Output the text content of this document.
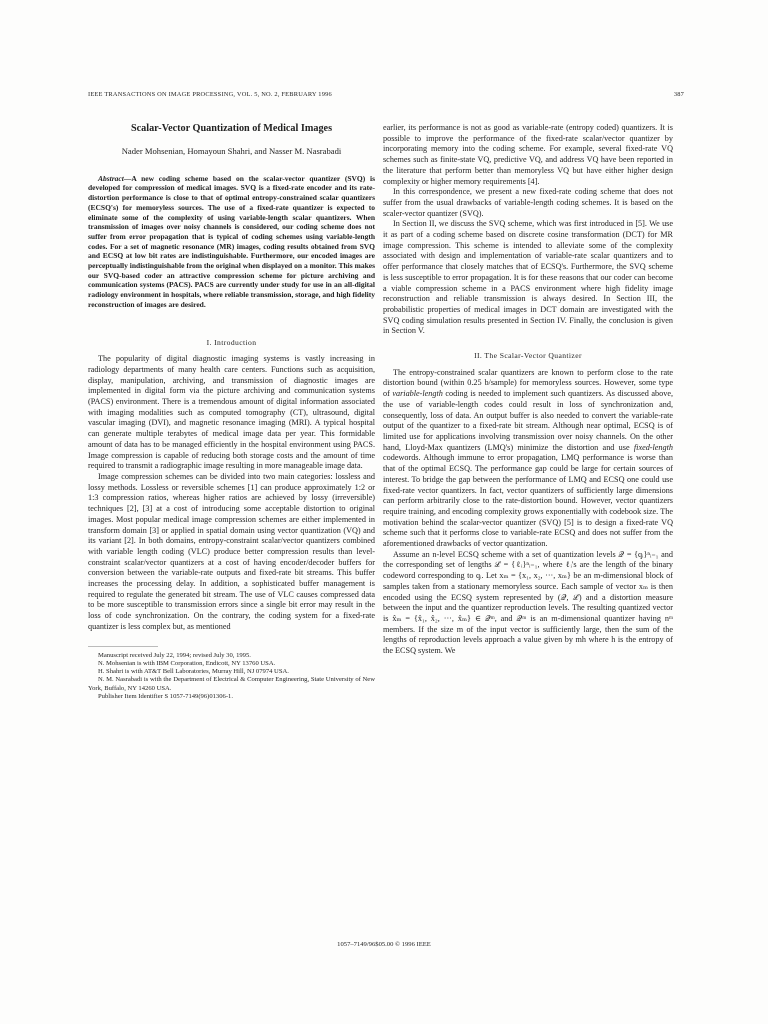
IEEE TRANSACTIONS ON IMAGE PROCESSING, VOL. 5, NO. 2, FEBRUARY 1996	387
Scalar-Vector Quantization of Medical Images
Nader Mohsenian, Homayoun Shahri, and Nasser M. Nasrabadi
Abstract—A new coding scheme based on the scalar-vector quantizer (SVQ) is developed for compression of medical images. SVQ is a fixed-rate encoder and its rate-distortion performance is close to that of optimal entropy-constrained scalar quantizers (ECSQ's) for memoryless sources. The use of a fixed-rate quantizer is expected to eliminate some of the complexity of using variable-length scalar quantizers. When transmission of images over noisy channels is considered, our coding scheme does not suffer from error propagation that is typical of coding schemes using variable-length codes. For a set of magnetic resonance (MR) images, coding results obtained from SVQ and ECSQ at low bit rates are indistinguishable. Furthermore, our encoded images are perceptually indistinguishable from the original when displayed on a monitor. This makes our SVQ-based coder an attractive compression scheme for picture archiving and communication systems (PACS). PACS are currently under study for use in an all-digital radiology environment in hospitals, where reliable transmission, storage, and high fidelity reconstruction of images are desired.
I. Introduction

The popularity of digital diagnostic imaging systems is vastly increasing in radiology departments of many health care centers. Functions such as acquisition, display, manipulation, archiving, and transmission of diagnostic images are implemented in digital form via the picture archiving and communication systems (PACS) environment. There is a tremendous amount of digital information associated with imaging modalities such as computed tomography (CT), ultrasound, digital vascular imaging (DVI), and magnetic resonance imaging (MRI). A typical hospital can generate multiple terabytes of medical image data per year. This formidable amount of data has to be managed efficiently in the hospital environment using PACS. Image compression is capable of reducing both storage costs and the amount of time required to transmit a radiographic image resulting in more manageable image data.

Image compression schemes can be divided into two main categories: lossless and lossy methods. Lossless or reversible schemes [1] can produce approximately 1:2 or 1:3 compression ratios, whereas higher ratios are achieved by lossy (irreversible) techniques [2], [3] at a cost of introducing some acceptable distortion to original images. Most popular medical image compression schemes are either implemented in transform domain [3] or applied in spatial domain using vector quantization (VQ) and its variant [2]. In both domains, entropy-constraint scalar/vector quantizers combined with variable length coding (VLC) produce better compression results than level-constraint scalar/vector quantizers at a cost of having encoder/decoder buffers for conversion between the variable-rate outputs and fixed-rate bit streams. This buffer increases the processing delay. In addition, a sophisticated buffer management is required to regulate the generated bit stream. The use of VLC causes compressed data to be more susceptible to transmission errors since a single bit error may result in the loss of code synchronization. On the contrary, the coding system for a fixed-rate quantizer is less complex but, as mentioned

Manuscript received July 22, 1994; revised July 30, 1995.
N. Mohsenian is with IBM Corporation, Endicott, NY 13760 USA.
H. Shahri is with AT&T Bell Laboratories, Murray Hill, NJ 07974 USA.
N. M. Nasrabadi is with the Department of Electrical & Computer Engineering, State University of New York, Buffalo, NY 14260 USA.
Publisher Item Identifier S 1057-7149(96)01306-1.

earlier, its performance is not as good as variable-rate (entropy coded) quantizers. It is possible to improve the performance of the fixed-rate scalar/vector quantizer by incorporating memory into the coding scheme. For example, several fixed-rate VQ schemes such as finite-state VQ, predictive VQ, and address VQ have been reported in the literature that perform better than memoryless VQ but have either higher design complexity or higher memory requirements [4].

In this correspondence, we present a new fixed-rate coding scheme that does not suffer from the usual drawbacks of variable-length coding schemes. It is based on the scaler-vector quantizer (SVQ).

In Section II, we discuss the SVQ scheme, which was first introduced in [5]. We use it as part of a coding scheme based on discrete cosine transformation (DCT) for MR image compression. This scheme is intended to alleviate some of the complexity associated with design and implementation of variable-rate scalar quantizers and to offer performance that closely matches that of ECSQ's. Furthermore, the SVQ scheme is less susceptible to error propagation. It is for these reasons that our coder can become a viable compression scheme in a PACS environment where high fidelity image reconstruction and reliable transmission is always desired. In Section III, the probabilistic properties of medical images in DCT domain are investigated with the SVQ coding simulation results presented in Section IV. Finally, the conclusion is given in Section V.

II. The Scalar-Vector Quantizer

The entropy-constrained scalar quantizers are known to perform close to the rate distortion bound (within 0.25 b/sample) for memoryless sources. However, some type of variable-length coding is needed to implement such quantizers. As discussed above, the use of variable-length codes could result in loss of synchronization and, consequently, loss of data. An output buffer is also needed to convert the variable-rate output of the quantizer to a fixed-rate bit stream. Although near optimal, ECSQ is of limited use for applications involving transmission over noisy channels. On the other hand, Lloyd-Max quantizers (LMQ's) minimize the distortion and use fixed-length codewords. Although immune to error propagation, LMQ performance is worse than that of the optimal ECSQ. The performance gap could be large for certain sources of interest. To bridge the gap between the performance of LMQ and ECSQ one could use fixed-rate vector quantizers. In fact, vector quantizers of sufficiently large dimensions can perform arbitrarily close to the rate-distortion bound. However, vector quantizers require training, and encoding complexity grows exponentially with codebook size. The motivation behind the scalar-vector quantizer (SVQ) [5] is to design a fixed-rate VQ scheme such that it performs close to variable-rate ECSQ and does not suffer from the aforementioned drawbacks of vector quantization.

Assume an n-level ECSQ scheme with a set of quantization levels 𝒬 = {qᵢ}ⁿᵢ₌₁ and the corresponding set of lengths ℒ = {ℓᵢ}ⁿᵢ₌₁, where ℓᵢ's are the length of the binary codeword corresponding to qᵢ. Let xₘ = {x₁, x₂, ···, xₘ} be an m-dimensional block of samples taken from a stationary memoryless source. Each sample of vector xₘ is then encoded using the ECSQ system represented by (𝒬, ℒ) and a distortion measure between the input and the quantizer reproduction levels. The resulting quantized vector is x̂ₘ = {x̂₁, x̂₂, ···, x̂ₘ} ∈ 𝒬ᵐ, and 𝒬ᵐ is an m-dimensional quantizer having nᵐ members. If the size m of the input vector is sufficiently large, then the sum of the lengths of reproduction levels approach a value given by mh where h is the entropy of the ECSQ system. We

1057–7149/96$05.00 © 1996 IEEE
